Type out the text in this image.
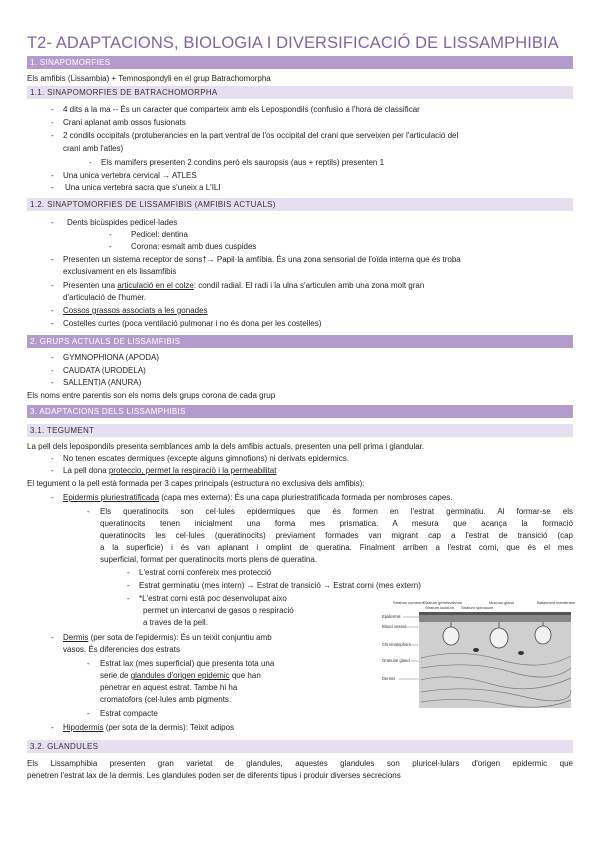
T2- ADAPTACIONS, BIOLOGIA I DIVERSIFICACIÓ DE LISSAMPHIBIA
1. SINAPOMORFIES
Els amfibis (Lissambia) + Temnospondyli en el grup Batrachomorpha
1.1. SINAPOMORFIES DE BATRACHOMORPHA
- 4 dits a la ma -- És un caracter que comparteix amb els Lepospondils (confusio a l'hora de classificar
- Crani aplanat amb ossos fusionats
- 2 condils occipitals (protuberancies en la part ventral de l'os occipital del crani que serveixen per l'articulació del
crani amb l'atles)
- Els mamifers presenten 2 condins però els sauropsis (aus + reptils) presenten 1
- Una unica vertebra cervical → ATLES
- Una unica vertebra sacra que s'uneix a L'ILI
1.2. SINAPTOMORFIES DE LISSAMFIBIS (AMFIBIS ACTUALS)
- Dents bicúspides pedicel·lades
- Pedicel: dentina
- Corona: esmalt amb dues cuspides
- Presenten un sistema receptor de sons†→ Papil·la amfíbia. És una zona sensorial de l'oïda interna que és troba
exclusivament en els lissamfibis
- Presenten una articulació en el colze: condil radial. El radi i la ulna s'articulen amb una zona molt gran
d'articulació de l'humer.
- Cossos grassos associats a les gonades
- Costelles curtes (poca ventilació pulmonar i no és dona per les costelles)
2. GRUPS ACTUALS DE LISSAMFIBIS
- GYMNOPHIONA (APODA)
- CAUDATA (URODELA)
- SALLENTIA (ANURA)
Els noms entre parentis son els noms dels grups corona de cada grup
3. ADAPTACIONS DELS LISSAMPHIBIS
3.1. TEGUMENT
La pell dels lepospondils presenta semblances amb la dels amfibis actuals, presenten una pell prima i glandular.
- No tenen escates dermiques (excepte alguns gimnofions) ni derivats epidermics.
- La pell dona proteccio, permet la respiració i la permeabilitat
El tegument o la pell està formada per 3 capes principals (estructura no exclusiva dels amfibis):
- Epidermis pluriestratificada (capa mes externa): És una capa pluriestratificada formada per nombroses capes.
- Els queratinocits son cel·lules epidermiques que és formen en l'estrat germinatiu. Al formar-se els
queratinocits tenen inicialment una forma mes prismatica. A mesura que acança la formació
queratinocits les cel·lules (queratinocits) previament formades van migrant cap a l'estrat de transició (cap
a la superficie) i és van aplanant i omplint de queratina. Finalment arriben a l'estrat corni, que és el mes
superficial, format per queratinocits morts plens de queratina.
- L'estrat corni confereix mes protecció
- Estrat germinatiu (mes intern) → Estrat de transició → Estrat corni (mes extern)
- *L'estrat corni està poc desenvolupat aixo
permet un intercanvi de gasos o respiració
a traves de la pell.
- Dermis (per sota de l'epidermis): És un teixit conjuntiu amb
vasos. És diferencies dos estrats
- Estrat lax (mes superficial) que presenta tota una
serie de glandules d'origen epidemic que han
penetrar en aquest estrat. Tambe hi ha
cromatofors (cel·lules amb pigments.
- Estrat compacte
- Hipodermis (per sota de la dermis): Teixit adipos
Stratum corneum Stratum germinativum	Mucous gland	Basement membrane
Stratum lucidum Stratum spinosum
Epidermis
Blood vessel
Chromatophore
Granular gland
Dermis
3.2. GLANDULES
Els Lissamphibia presenten gran varietat de glandules, aquestes glandules son pluricel·lulars d'origen epidermic que
penetren l'estrat lax de la dermis. Les glandules poden ser de diferents tipus i produir diverses secrecions
